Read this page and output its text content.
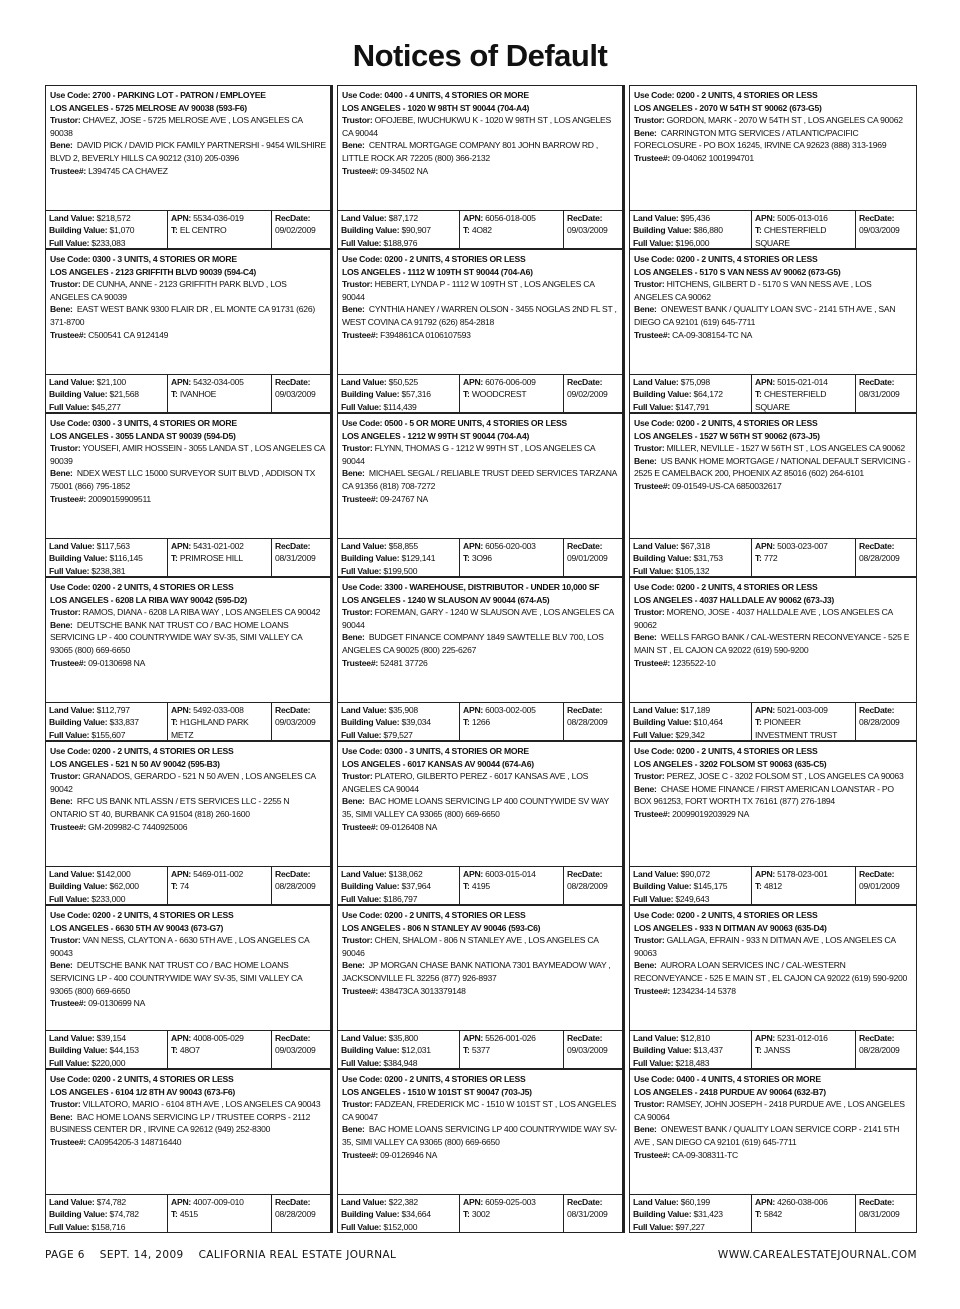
Notices of Default
Use Code: 2700 - PARKING LOT - PATRON / EMPLOYEE
LOS ANGELES - 5725 MELROSE AV 90038 (593-F6)
Trustor: CHAVEZ, JOSE - 5725 MELROSE AVE , LOS ANGELES CA 90038
Bene: DAVID PICK / DAVID PICK FAMILY PARTNERSHI - 9454 WILSHIRE BLVD 2, BEVERLY HILLS CA 90212 (310) 205-0396
Trustee#: L394745 CA CHAVEZ
Land Value: $218,572
Building Value: $1,070
Full Value: $233,083
APN: 5534-036-019
T: EL CENTRO
RecDate:
09/02/2009
Use Code: 0300 - 3 UNITS, 4 STORIES OR MORE
LOS ANGELES - 2123 GRIFFITH BLVD 90039 (594-C4)
Trustor: DE CUNHA, ANNE - 2123 GRIFFITH PARK BLVD , LOS ANGELES CA 90039
Bene: EAST WEST BANK 9300 FLAIR DR , EL MONTE CA 91731 (626) 371-8700
Trustee#: C500541 CA 9124149
Land Value: $21,100
Building Value: $21,568
Full Value: $45,277
APN: 5432-034-005
T: IVANHOE
RecDate:
09/03/2009
Use Code: 0300 - 3 UNITS, 4 STORIES OR MORE
LOS ANGELES - 3055 LANDA ST 90039 (594-D5)
Trustor: YOUSEFI, AMIR HOSSEIN - 3055 LANDA ST , LOS ANGELES CA 90039
Bene: NDEX WEST LLC 15000 SURVEYOR SUIT BLVD , ADDISON TX 75001 (866) 795-1852
Trustee#: 20090159909511
Land Value: $117,563
Building Value: $116,145
Full Value: $238,381
APN: 5431-021-002
T: PRIMROSE HILL
RecDate:
08/31/2009
Use Code: 0200 - 2 UNITS, 4 STORIES OR LESS
LOS ANGELES - 6208 LA RIBA WAY 90042 (595-D2)
Trustor: RAMOS, DIANA - 6208 LA RIBA WAY , LOS ANGELES CA 90042
Bene: DEUTSCHE BANK NAT TRUST CO / BAC HOME LOANS SERVICING LP - 400 COUNTRYWIDE WAY SV-35, SIMI VALLEY CA 93065 (800) 669-6650
Trustee#: 09-0130698 NA
Land Value: $112,797
Building Value: $33,837
Full Value: $155,607
APN: 5492-033-008
T: H1GHLAND PARK METZ
RecDate:
09/03/2009
Use Code: 0200 - 2 UNITS, 4 STORIES OR LESS
LOS ANGELES - 521 N 50 AV 90042 (595-B3)
Trustor: GRANADOS, GERARDO - 521 N 50 AVEN , LOS ANGELES CA 90042
Bene: RFC US BANK NTL ASSN / ETS SERVICES LLC - 2255 N ONTARIO ST 40, BURBANK CA 91504 (818) 260-1600
Trustee#: GM-209982-C 7440925006
Land Value: $142,000
Building Value: $62,000
Full Value: $233,000
APN: 5469-011-002
T: 74
RecDate:
08/28/2009
Use Code: 0200 - 2 UNITS, 4 STORIES OR LESS
LOS ANGELES - 6630 5TH AV 90043 (673-G7)
Trustor: VAN NESS, CLAYTON A - 6630 5TH AVE , LOS ANGELES CA 90043
Bene: DEUTSCHE BANK NAT TRUST CO / BAC HOME LOANS SERVICING LP - 400 COUNTRYWIDE WAY SV-35, SIMI VALLEY CA 93065 (800) 669-6650
Trustee#: 09-0130699 NA
Land Value: $39,154
Building Value: $44,153
Full Value: $220,000
APN: 4008-005-029
T: 48O7
RecDate:
09/03/2009
Use Code: 0200 - 2 UNITS, 4 STORIES OR LESS
LOS ANGELES - 6104 1/2 8TH AV 90043 (673-F6)
Trustor: VILLATORO, MARIO - 6104 8TH AVE , LOS ANGELES CA 90043
Bene: BAC HOME LOANS SERVICING LP / TRUSTEE CORPS - 2112 BUSINESS CENTER DR , IRVINE CA 92612 (949) 252-8300
Trustee#: CA0954205-3 148716440
Land Value: $74,782
Building Value: $74,782
Full Value: $158,716
APN: 4007-009-010
T: 4515
RecDate:
08/28/2009
Use Code: 0400 - 4 UNITS, 4 STORIES OR MORE
LOS ANGELES - 1020 W 98TH ST 90044 (704-A4)
Trustor: OFOJEBE, IWUCHUKWU K - 1020 W 98TH ST , LOS ANGELES CA 90044
Bene: CENTRAL MORTGAGE COMPANY 801 JOHN BARROW RD , LITTLE ROCK AR 72205 (800) 366-2132
Trustee#: 09-34502 NA
Land Value: $87,172
Building Value: $90,907
Full Value: $188,976
APN: 6056-018-005
T: 4O82
RecDate:
09/03/2009
Use Code: 0200 - 2 UNITS, 4 STORIES OR LESS
LOS ANGELES - 1112 W 109TH ST 90044 (704-A6)
Trustor: HEBERT, LYNDA P - 1112 W 109TH ST , LOS ANGELES CA 90044
Bene: CYNTHIA HANEY / WARREN OLSON - 3455 NOGLAS 2ND FL ST , WEST COVINA CA 91792 (626) 854-2818
Trustee#: F394861CA 0106107593
Land Value: $50,525
Building Value: $57,316
Full Value: $114,439
APN: 6076-006-009
T: WOODCREST
RecDate:
09/02/2009
Use Code: 0500 - 5 OR MORE UNITS, 4 STORIES OR LESS
LOS ANGELES - 1212 W 99TH ST 90044 (704-A4)
Trustor: FLYNN, THOMAS G - 1212 W 99TH ST , LOS ANGELES CA 90044
Bene: MICHAEL SEGAL / RELIABLE TRUST DEED SERVICES TARZANA CA 91356 (818) 708-7272
Trustee#: 09-24767 NA
Land Value: $58,855
Building Value: $129,141
Full Value: $199,500
APN: 6056-020-003
T: 3O96
RecDate:
09/01/2009
Use Code: 3300 - WAREHOUSE, DISTRIBUTOR - UNDER 10,000 SF
LOS ANGELES - 1240 W SLAUSON AV 90044 (674-A5)
Trustor: FOREMAN, GARY - 1240 W SLAUSON AVE , LOS ANGELES CA 90044
Bene: BUDGET FINANCE COMPANY 1849 SAWTELLE BLV 700, LOS ANGELES CA 90025 (800) 225-6267
Trustee#: 52481 37726
Land Value: $35,908
Building Value: $39,034
Full Value: $79,527
APN: 6003-002-005
T: 1266
RecDate:
08/28/2009
Use Code: 0300 - 3 UNITS, 4 STORIES OR MORE
LOS ANGELES - 6017 KANSAS AV 90044 (674-A6)
Trustor: PLATERO, GILBERTO PEREZ - 6017 KANSAS AVE , LOS ANGELES CA 90044
Bene: BAC HOME LOANS SERVICING LP 400 COUNTYWIDE SV WAY 35, SIMI VALLEY CA 93065 (800) 669-6650
Trustee#: 09-0126408 NA
Land Value: $138,062
Building Value: $37,964
Full Value: $186,797
APN: 6003-015-014
T: 4195
RecDate:
08/28/2009
Use Code: 0200 - 2 UNITS, 4 STORIES OR LESS
LOS ANGELES - 806 N STANLEY AV 90046 (593-C6)
Trustor: CHEN, SHALOM - 806 N STANLEY AVE , LOS ANGELES CA 90046
Bene: JP MORGAN CHASE BANK NATIONA 7301 BAYMEADOW WAY , JACKSONVILLE FL 32256 (877) 926-8937
Trustee#: 438473CA 3013379148
Land Value: $35,800
Building Value: $12,031
Full Value: $384,948
APN: 5526-001-026
T: 5377
RecDate:
09/03/2009
Use Code: 0200 - 2 UNITS, 4 STORIES OR LESS
LOS ANGELES - 1510 W 101ST ST 90047 (703-J5)
Trustor: FADZEAN, FREDERICK MC - 1510 W 101ST ST , LOS ANGELES CA 90047
Bene: BAC HOME LOANS SERVICING LP 400 COUNTRYWIDE WAY SV-35, SIMI VALLEY CA 93065 (800) 669-6650
Trustee#: 09-0126946 NA
Land Value: $22,382
Building Value: $34,664
Full Value: $152,000
APN: 6059-025-003
T: 3002
RecDate:
08/31/2009
Use Code: 0200 - 2 UNITS, 4 STORIES OR LESS
LOS ANGELES - 2070 W 54TH ST 90062 (673-G5)
Trustor: GORDON, MARK - 2070 W 54TH ST , LOS ANGELES CA 90062
Bene: CARRINGTON MTG SERVICES / ATLANTIC/PACIFIC FORECLOSURE - PO BOX 16245, IRVINE CA 92623 (888) 313-1969
Trustee#: 09-04062 1001994701
Land Value: $95,436
Building Value: $86,880
Full Value: $196,000
APN: 5005-013-016
T: CHESTERFIELD SQUARE
RecDate:
09/03/2009
Use Code: 0200 - 2 UNITS, 4 STORIES OR LESS
LOS ANGELES - 5170 S VAN NESS AV 90062 (673-G5)
Trustor: HITCHENS, GILBERT D - 5170 S VAN NESS AVE , LOS ANGELES CA 90062
Bene: ONEWEST BANK / QUALITY LOAN SVC - 2141 5TH AVE , SAN DIEGO CA 92101 (619) 645-7711
Trustee#: CA-09-308154-TC NA
Land Value: $75,098
Building Value: $64,172
Full Value: $147,791
APN: 5015-021-014
T: CHESTERFIELD SQUARE
RecDate:
08/31/2009
Use Code: 0200 - 2 UNITS, 4 STORIES OR LESS
LOS ANGELES - 1527 W 56TH ST 90062 (673-J5)
Trustor: MILLER, NEVILLE - 1527 W 56TH ST , LOS ANGELES CA 90062
Bene: US BANK HOME MORTGAGE / NATIONAL DEFAULT SERVICING - 2525 E CAMELBACK 200, PHOENIX AZ 85016 (602) 264-6101
Trustee#: 09-01549-US-CA 6850032617
Land Value: $67,318
Building Value: $31,753
Full Value: $105,132
APN: 5003-023-007
T: 772
RecDate:
08/28/2009
Use Code: 0200 - 2 UNITS, 4 STORIES OR LESS
LOS ANGELES - 4037 HALLDALE AV 90062 (673-J3)
Trustor: MORENO, JOSE - 4037 HALLDALE AVE , LOS ANGELES CA 90062
Bene: WELLS FARGO BANK / CAL-WESTERN RECONVEYANCE - 525 E MAIN ST , EL CAJON CA 92022 (619) 590-9200
Trustee#: 1235522-10
Land Value: $17,189
Building Value: $10,464
Full Value: $29,342
APN: 5021-003-009
T: PIONEER INVESTMENT TRUST
RecDate:
08/28/2009
Use Code: 0200 - 2 UNITS, 4 STORIES OR LESS
LOS ANGELES - 3202 FOLSOM ST 90063 (635-C5)
Trustor: PEREZ, JOSE C - 3202 FOLSOM ST , LOS ANGELES CA 90063
Bene: CHASE HOME FINANCE / FIRST AMERICAN LOANSTAR - PO BOX 961253, FORT WORTH TX 76161 (877) 276-1894
Trustee#: 20099019203929 NA
Land Value: $90,072
Building Value: $145,175
Full Value: $249,643
APN: 5178-023-001
T: 4812
RecDate:
09/01/2009
Use Code: 0200 - 2 UNITS, 4 STORIES OR LESS
LOS ANGELES - 933 N DITMAN AV 90063 (635-D4)
Trustor: GALLAGA, EFRAIN - 933 N DITMAN AVE , LOS ANGELES CA 90063
Bene: AURORA LOAN SERVICES INC / CAL-WESTERN RECONVEYANCE - 525 E MAIN ST , EL CAJON CA 92022 (619) 590-9200
Trustee#: 1234234-14 5378
Land Value: $12,810
Building Value: $13,437
Full Value: $218,483
APN: 5231-012-016
T: JANSS
RecDate:
08/28/2009
Use Code: 0400 - 4 UNITS, 4 STORIES OR MORE
LOS ANGELES - 2418 PURDUE AV 90064 (632-B7)
Trustor: RAMSEY, JOHN JOSEPH - 2418 PURDUE AVE , LOS ANGELES CA 90064
Bene: ONEWEST BANK / QUALITY LOAN SERVICE CORP - 2141 5TH AVE , SAN DIEGO CA 92101 (619) 645-7711
Trustee#: CA-09-308311-TC
Land Value: $60,199
Building Value: $31,423
Full Value: $97,227
APN: 4260-038-006
T: 5842
RecDate:
08/31/2009
PAGE 6    SEPT. 14, 2009    CALIFORNIA REAL ESTATE JOURNAL	WWW.CAREALESTATEJOURNAL.COM
